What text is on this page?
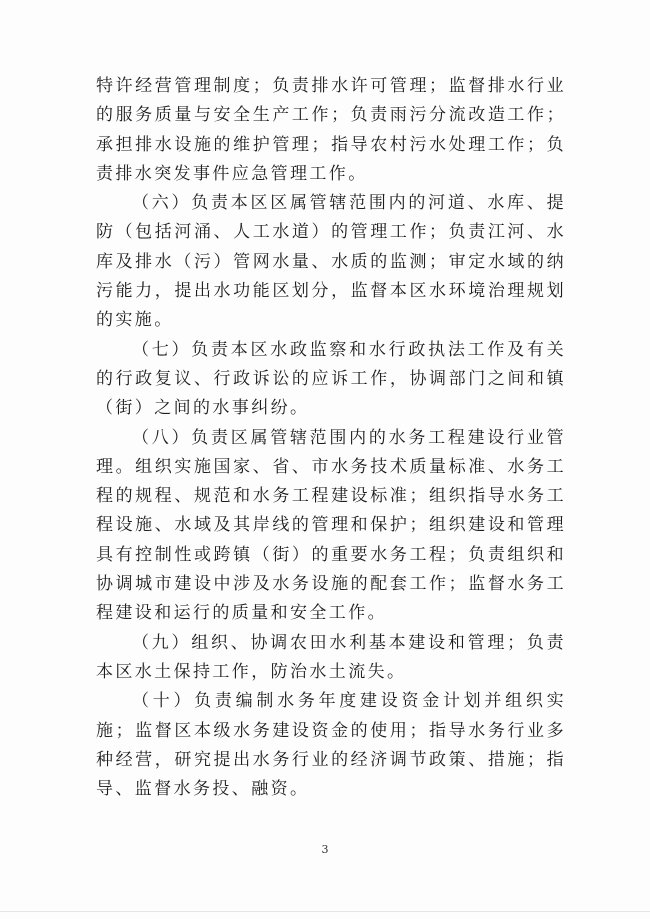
特许经营管理制度；负责排水许可管理；监督排水行业的服务质量与安全生产工作；负责雨污分流改造工作；承担排水设施的维护管理；指导农村污水处理工作；负责排水突发事件应急管理工作。

（六）负责本区区属管辖范围内的河道、水库、提防（包括河涌、人工水道）的管理工作；负责江河、水库及排水（污）管网水量、水质的监测；审定水域的纳污能力，提出水功能区划分，监督本区水环境治理规划的实施。

（七）负责本区水政监察和水行政执法工作及有关的行政复议、行政诉讼的应诉工作，协调部门之间和镇（街）之间的水事纠纷。

（八）负责区属管辖范围内的水务工程建设行业管理。组织实施国家、省、市水务技术质量标准、水务工程的规程、规范和水务工程建设标准；组织指导水务工程设施、水域及其岸线的管理和保护；组织建设和管理具有控制性或跨镇（街）的重要水务工程；负责组织和协调城市建设中涉及水务设施的配套工作；监督水务工程建设和运行的质量和安全工作。

（九）组织、协调农田水利基本建设和管理；负责本区水土保持工作，防治水土流失。

（十）负责编制水务年度建设资金计划并组织实施；监督区本级水务建设资金的使用；指导水务行业多种经营，研究提出水务行业的经济调节政策、措施；指导、监督水务投、融资。

3
